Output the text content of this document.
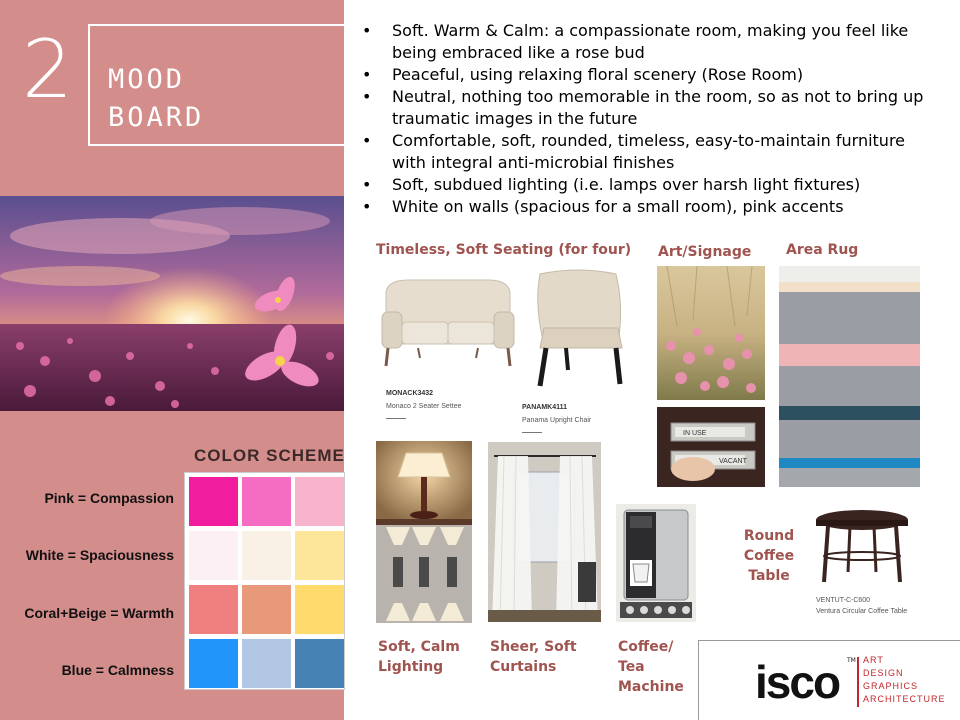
2 MOOD
BOARD
COLOR SCHEME
Pink = Compassion
White = Spaciousness
Coral+Beige = Warmth
Blue = Calmness
• Soft. Warm & Calm: a compassionate room, making you feel like being embraced like a rose bud
• Peaceful, using relaxing floral scenery (Rose Room)
• Neutral, nothing too memorable in the room, so as not to bring up traumatic images in the future
• Comfortable, soft, rounded, timeless, easy-to-maintain furniture with integral anti-microbial finishes
• Soft, subdued lighting (i.e. lamps over harsh light fixtures)
• White on walls (spacious for a small room), pink accents
Timeless, Soft Seating (for four) Art/Signage Area Rug
MONACK3432
Monaco 2 Seater Settee	PANAMK4111
Panama Upright Chair
IN USE
VACANT
VENTUT-C-C600
Ventura Circular Coffee Table
Soft, Calm
Lighting
Sheer, Soft
Curtains
Coffee/
Tea
Machine
Round
Coffee
Table
isco TM ART
DESIGN
GRAPHICS
ARCHITECTURE
